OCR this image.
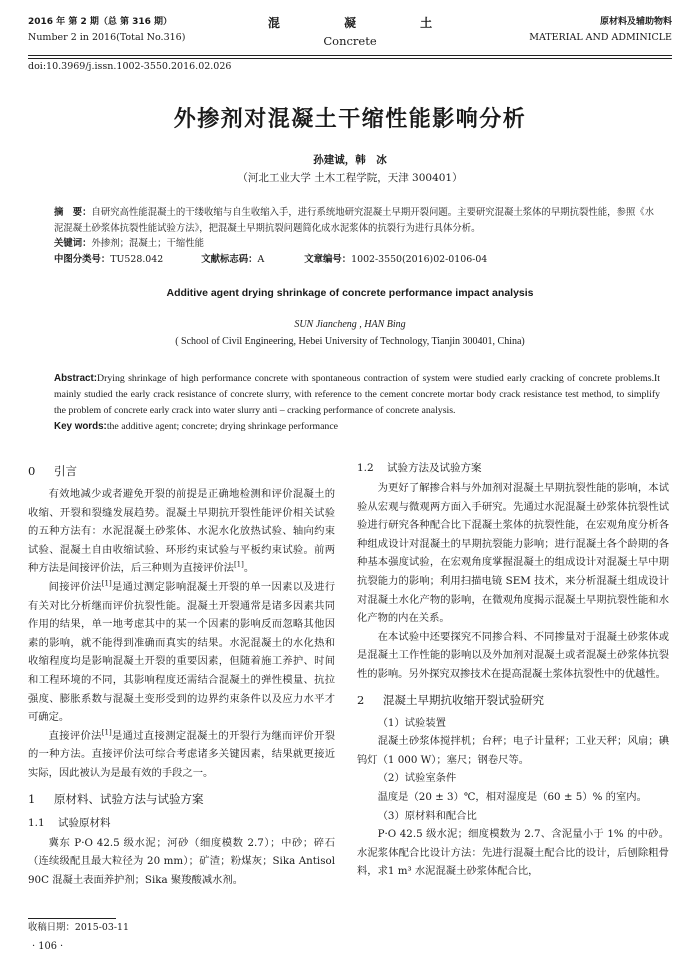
2016 年 第 2 期（总 第 316 期）
Number 2 in 2016(Total No.316)
混 凝 土
Concrete
原材料及辅助物料
MATERIAL AND ADMINICLE
doi:10.3969/j.issn.1002-3550.2016.02.026
外掺剂对混凝土干缩性能影响分析
孙建诚，韩　冰
（河北工业大学 土木工程学院，天津 300401）
摘　要：自研究高性能混凝土的干缕收缩与自生收缩入手，进行系统地研究混凝土早期开裂问题。主要研究混凝土浆体的早期抗裂性能，参照《水泥混凝土砂浆体抗裂性能试验方法》，把混凝土早期抗裂问题简化成水泥浆体的抗裂行为进行具体分析。
关键词：外掺剂；混凝土；干缩性能
中图分类号：TU528.042	文献标志码：A	文章编号：1002-3550(2016)02-0106-04
Additive agent drying shrinkage of concrete performance impact analysis
SUN Jiancheng , HAN Bing
( School of Civil Engineering, Hebei University of Technology, Tianjin 300401, China)
Abstract:Drying shrinkage of high performance concrete with spontaneous contraction of system were studied early cracking of concrete problems.It mainly studied the early crack resistance of concrete slurry, with reference to the cement concrete mortar body crack resistance test method, to simplify the problem of concrete early crack into water slurry anti – cracking performance of concrete analysis.
Key words:the additive agent; concrete; drying shrinkage performance
0 引言

有效地减少或者避免开裂的前提是正确地检测和评价混凝土的收缩、开裂和裂缝发展趋势。混凝土早期抗开裂性能评价相关试验的五种方法有：水泥混凝土砂浆体、水泥水化放热试验、轴向约束试验、混凝土自由收缩试验、环形约束试验与平板约束试验。前两种方法是间接评价法，后三种则为直接评价法[1]。

间接评价法[1]是通过测定影响混凝土开裂的单一因素以及进行有关对比分析继而评价抗裂性能。混凝土开裂通常是诸多因素共同作用的结果，单一地考虑其中的某一个因素的影响反而忽略其他因素的影响，就不能得到准确而真实的结果。水泥混凝土的水化热和收缩程度均是影响混凝土开裂的重要因素，但随着施工养护、时间和工程环境的不同，其影响程度还需结合混凝土的弹性模量、抗拉强度、膨胀系数与混凝土变形受到的边界约束条件以及应力水平才可确定。

直接评价法[1]是通过直接测定混凝土的开裂行为继而评价开裂的一种方法。直接评价法可综合考虑诸多关键因素，结果就更接近实际，因此被认为是最有效的手段之一。

1 原材料、试验方法与试验方案
1.1 试验原材料

冀东 P·O 42.5 级水泥；河砂（细度模数 2.7）；中砂；碎石（连续级配且最大粒径为 20 mm）；矿渣；粉煤灰；Sika Antisol 90C 混凝土表面养护剂；Sika 聚羧酸减水剂。

1.2 试验方法及试验方案

为更好了解掺合料与外加剂对混凝土早期抗裂性能的影响，本试验从宏观与微观两方面入手研究。先通过水泥混凝土砂浆体抗裂性试验进行研究各种配合比下混凝土浆体的抗裂性能，在宏观角度分析各种组成设计对混凝土的早期抗裂能力影响；进行混凝土各个龄期的各种基本强度试验，在宏观角度掌握混凝土的组成设计对混凝土早中期抗裂能力的影响；利用扫描电镜 SEM 技术，来分析混凝土组成设计对混凝土水化产物的影响，在微观角度揭示混凝土早期抗裂性能和水化产物的内在关系。

在本试验中还要探究不同掺合料、不同掺量对于混凝土砂浆体或是混凝土工作性能的影响以及外加剂对混凝土或者混凝土砂浆体抗裂性的影响。另外探究双掺技术在提高混凝土浆体抗裂性中的优越性。

2 混凝土早期抗收缩开裂试验研究
（1）试验装置

混凝土砂浆体搅拌机；台秤；电子计量秤；工业天秤；风扇；碘钨灯（1 000 W）；塞尺；钢卷尺等。

（2）试验室条件

温度是（20 ± 3）℃，相对湿度是（60 ± 5）% 的室内。

（3）原材料和配合比

P·O 42.5 级水泥；细度模数为 2.7、含泥量小于 1% 的中砂。水泥浆体配合比设计方法：先进行混凝土配合比的设计，后刨除粗骨料，求1 m³ 水泥混凝土砂浆体配合比，

收稿日期：2015-03-11
· 106 ·
